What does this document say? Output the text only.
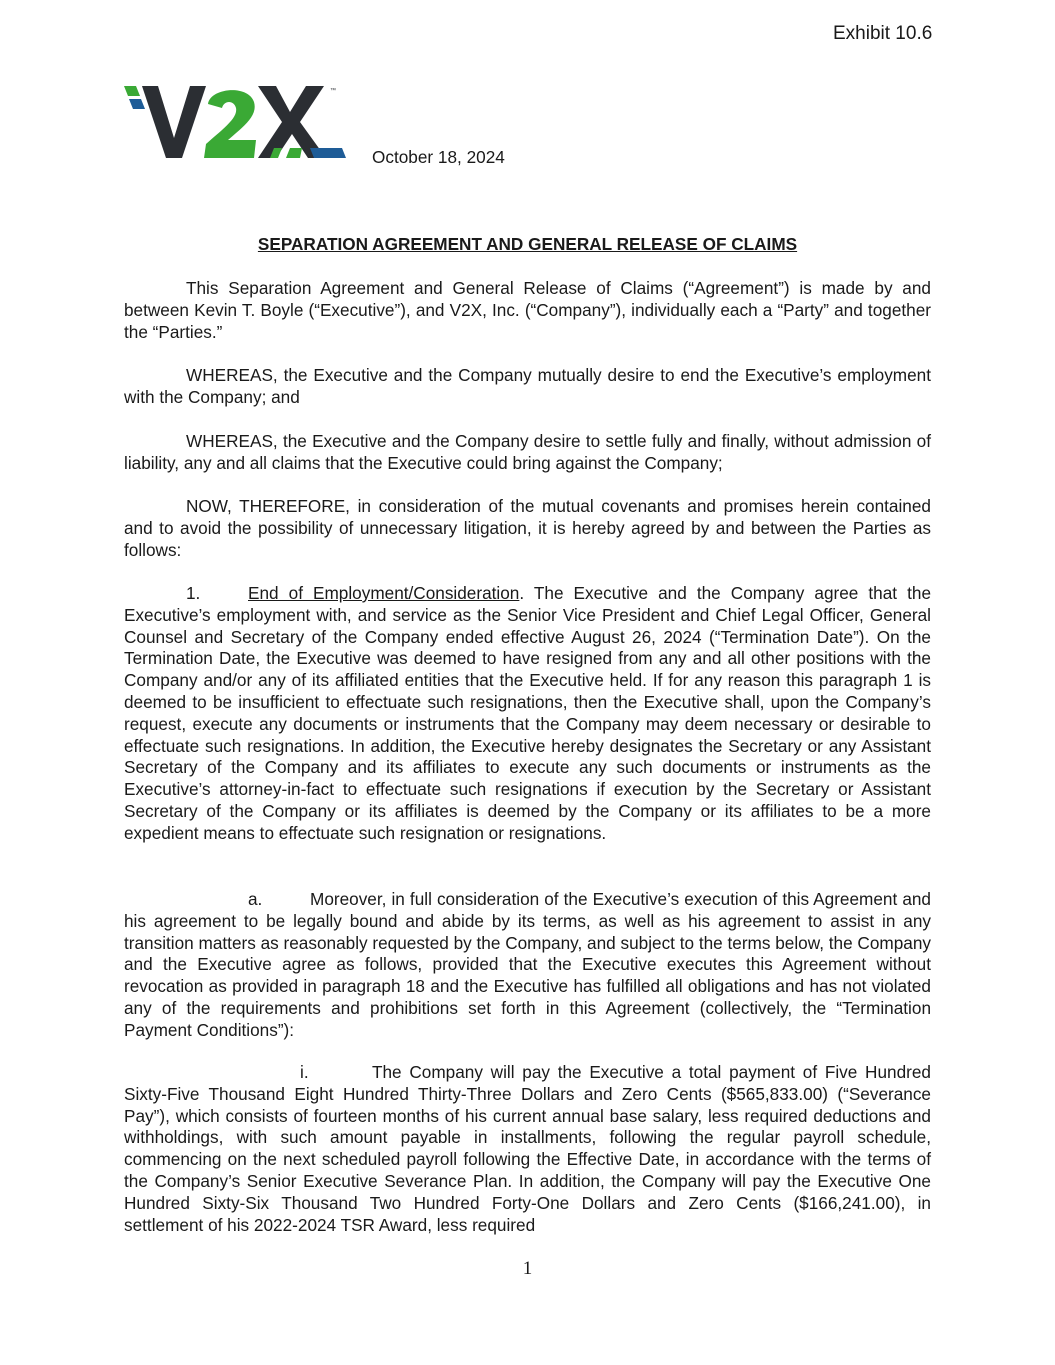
Exhibit 10.6
™
October 18, 2024
SEPARATION AGREEMENT AND GENERAL RELEASE OF CLAIMS

This Separation Agreement and General Release of Claims (“Agreement”) is made by and between Kevin T. Boyle (“Executive”), and V2X, Inc. (“Company”), individually each a “Party” and together the “Parties.”

WHEREAS, the Executive and the Company mutually desire to end the Executive’s employment with the Company; and

WHEREAS, the Executive and the Company desire to settle fully and finally, without admission of liability, any and all claims that the Executive could bring against the Company;

NOW, THEREFORE, in consideration of the mutual covenants and promises herein contained and to avoid the possibility of unnecessary litigation, it is hereby agreed by and between the Parties as follows:

1.	End of Employment/Consideration. The Executive and the Company agree that the Executive’s employment with, and service as the Senior Vice President and Chief Legal Officer, General Counsel and Secretary of the Company ended effective August 26, 2024 (“Termination Date”). On the Termination Date, the Executive was deemed to have resigned from any and all other positions with the Company and/or any of its affiliated entities that the Executive held. If for any reason this paragraph 1 is deemed to be insufficient to effectuate such resignations, then the Executive shall, upon the Company’s request, execute any documents or instruments that the Company may deem necessary or desirable to effectuate such resignations. In addition, the Executive hereby designates the Secretary or any Assistant Secretary of the Company and its affiliates to execute any such documents or instruments as the Executive’s attorney-in-fact to effectuate such resignations if execution by the Secretary or Assistant Secretary of the Company or its affiliates is deemed by the Company or its affiliates to be a more expedient means to effectuate such resignation or resignations.

a.	Moreover, in full consideration of the Executive’s execution of this Agreement and his agreement to be legally bound and abide by its terms, as well as his agreement to assist in any transition matters as reasonably requested by the Company, and subject to the terms below, the Company and the Executive agree as follows, provided that the Executive executes this Agreement without revocation as provided in paragraph 18 and the Executive has fulfilled all obligations and has not violated any of the requirements and prohibitions set forth in this Agreement (collectively, the “Termination Payment Conditions”):

i.	The Company will pay the Executive a total payment of Five Hundred Sixty-Five Thousand Eight Hundred Thirty-Three Dollars and Zero Cents ($565,833.00) (“Severance Pay”), which consists of fourteen months of his current annual base salary, less required deductions and withholdings, with such amount payable in installments, following the regular payroll schedule, commencing on the next scheduled payroll following the Effective Date, in accordance with the terms of the Company’s Senior Executive Severance Plan. In addition, the Company will pay the Executive One Hundred Sixty-Six Thousand Two Hundred Forty-One Dollars and Zero Cents ($166,241.00), in settlement of his 2022-2024 TSR Award, less required

1
